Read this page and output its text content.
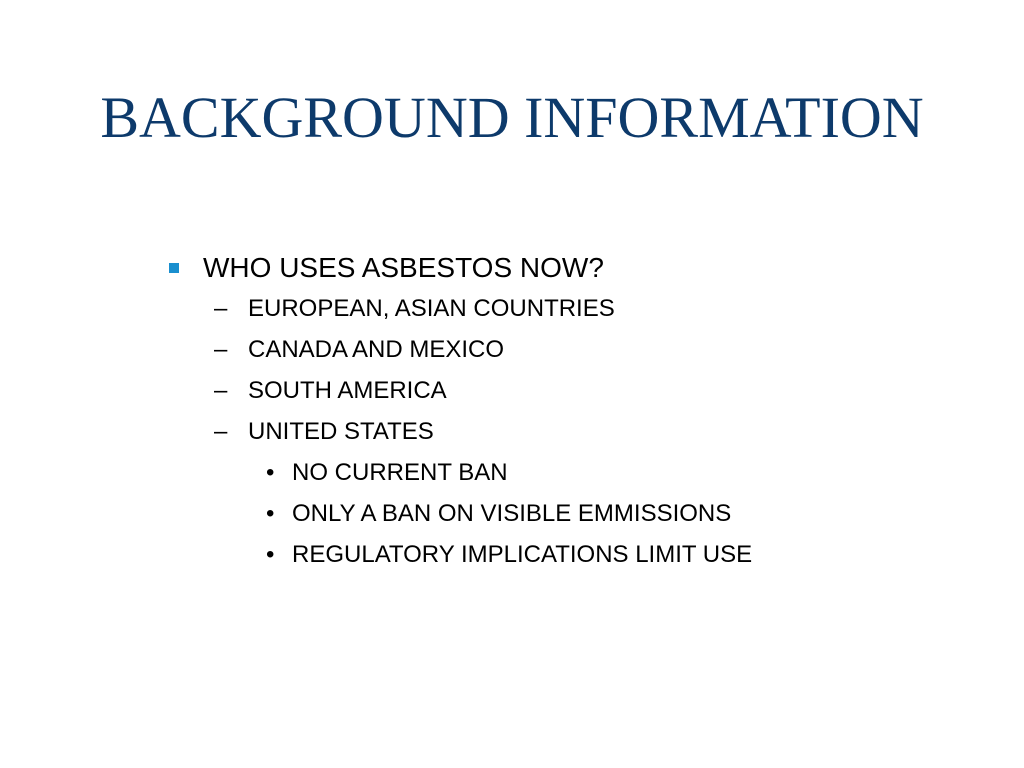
BACKGROUND INFORMATION
WHO USES ASBESTOS NOW?
– EUROPEAN, ASIAN COUNTRIES
– CANADA AND MEXICO
– SOUTH AMERICA
– UNITED STATES
• NO CURRENT BAN
• ONLY A BAN ON VISIBLE EMMISSIONS
• REGULATORY IMPLICATIONS LIMIT USE
